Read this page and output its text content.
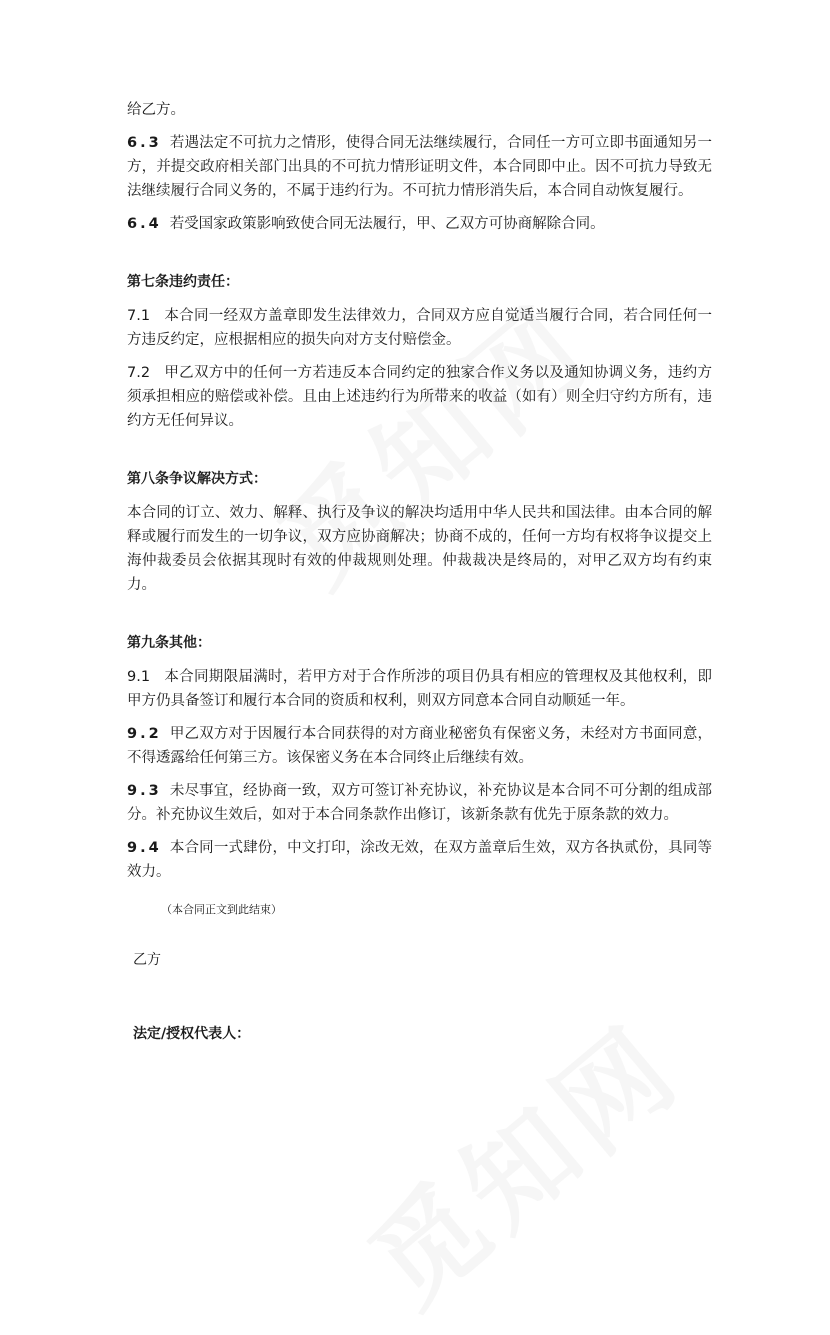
给乙方。

6.3 若遇法定不可抗力之情形，使得合同无法继续履行，合同任一方可立即书面通知另一方，并提交政府相关部门出具的不可抗力情形证明文件，本合同即中止。因不可抗力导致无法继续履行合同义务的，不属于违约行为。不可抗力情形消失后，本合同自动恢复履行。

6.4 若受国家政策影响致使合同无法履行，甲、乙双方可协商解除合同。

第七条违约责任：

7.1 本合同一经双方盖章即发生法律效力，合同双方应自觉适当履行合同，若合同任何一方违反约定，应根据相应的损失向对方支付赔偿金。

7.2 甲乙双方中的任何一方若违反本合同约定的独家合作义务以及通知协调义务，违约方须承担相应的赔偿或补偿。且由上述违约行为所带来的收益（如有）则全归守约方所有，违约方无任何异议。

第八条争议解决方式：

本合同的订立、效力、解释、执行及争议的解决均适用中华人民共和国法律。由本合同的解释或履行而发生的一切争议，双方应协商解决；协商不成的，任何一方均有权将争议提交上海仲裁委员会依据其现时有效的仲裁规则处理。仲裁裁决是终局的，对甲乙双方均有约束力。

第九条其他：

9.1 本合同期限届满时，若甲方对于合作所涉的项目仍具有相应的管理权及其他权利，即甲方仍具备签订和履行本合同的资质和权利，则双方同意本合同自动顺延一年。

9.2 甲乙双方对于因履行本合同获得的对方商业秘密负有保密义务，未经对方书面同意，不得透露给任何第三方。该保密义务在本合同终止后继续有效。

9.3 未尽事宜，经协商一致，双方可签订补充协议，补充协议是本合同不可分割的组成部分。补充协议生效后，如对于本合同条款作出修订，该新条款有优先于原条款的效力。

9.4 本合同一式肆份，中文打印，涂改无效，在双方盖章后生效，双方各执贰份，具同等效力。

（本合同正文到此结束）

乙方

法定/授权代表人：
